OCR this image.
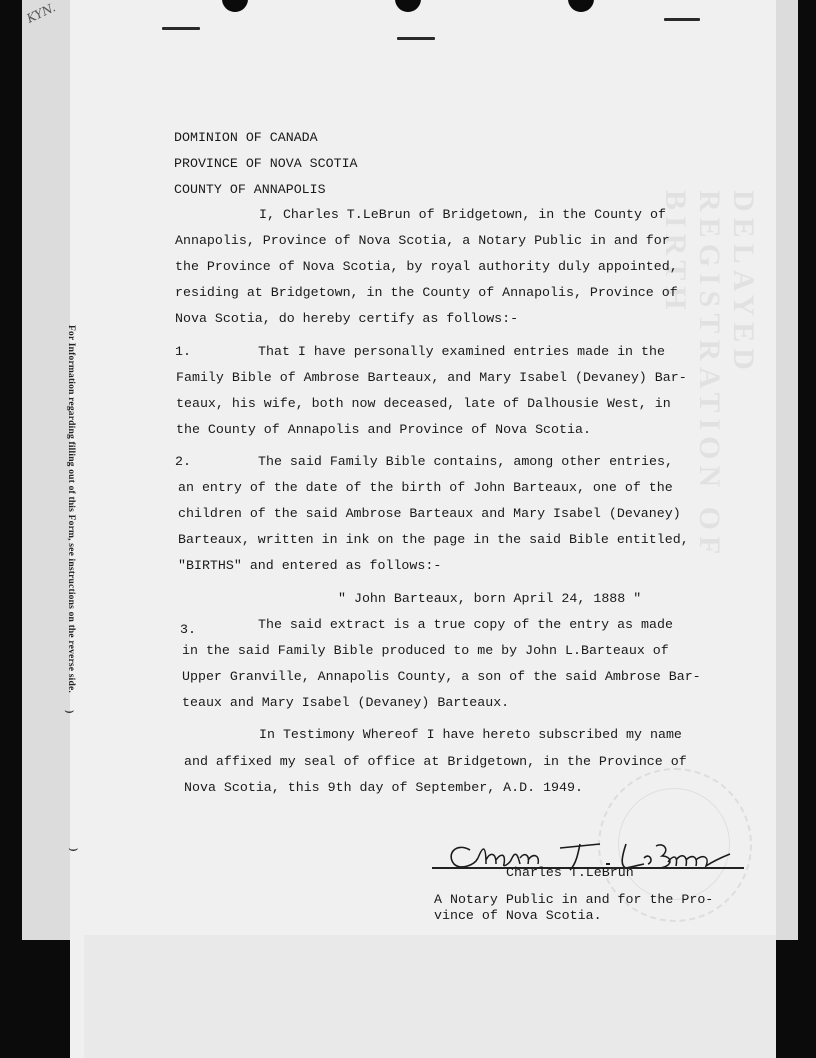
KYN.
For Information regarding filling out of this Form, see instructions on the reverse side.
⌣
⌣
DELAYED REGISTRATION OF BIRTH
DOMINION OF CANADA
PROVINCE OF NOVA SCOTIA
COUNTY OF ANNAPOLIS
I, Charles T.LeBrun of Bridgetown, in the County of
Annapolis, Province of Nova Scotia, a Notary Public in and for
the Province of Nova Scotia, by royal authority duly appointed,
residing at Bridgetown, in the County of Annapolis, Province of
Nova Scotia, do hereby certify as follows:-
1.	That I have personally examined entries made in the
Family Bible of Ambrose Barteaux, and Mary Isabel (Devaney) Bar-
teaux, his wife, both now deceased, late of Dalhousie West, in
the County of Annapolis and Province of Nova Scotia.
2.	The said Family Bible contains, among other entries,
an entry of the date of the birth of John Barteaux, one of the
children of the said Ambrose Barteaux and Mary Isabel (Devaney)
Barteaux, written in ink on the page in the said Bible entitled,
"BIRTHS" and entered as follows:-
" John Barteaux, born April 24, 1888 "
3.	The said extract is a true copy of the entry as made
in the said Family Bible produced to me by John L.Barteaux of
Upper Granville, Annapolis County, a son of the said Ambrose Bar-
teaux and Mary Isabel (Devaney) Barteaux.
In Testimony Whereof I have hereto subscribed my name
and affixed my seal of office at Bridgetown, in the Province of
Nova Scotia, this 9th day of September, A.D. 1949.
Charles T.LeBrun
A Notary Public in and for the Pro-
vince of Nova Scotia.
